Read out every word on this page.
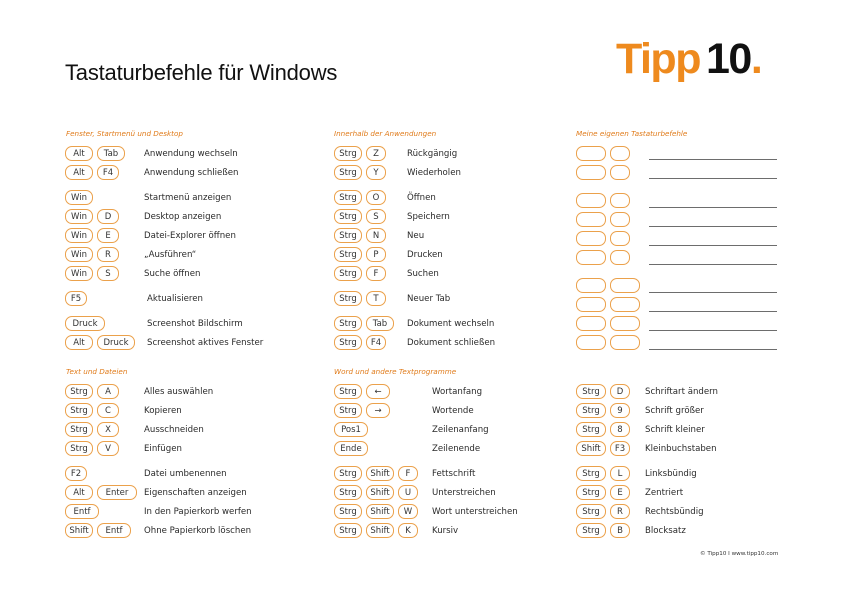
Tastaturbefehle für Windows	Tipp 10.
Fenster, Startmenü und Desktop	Innerhalb der Anwendungen	Meine eigenen Tastaturbefehle
Text und Dateien	Word und andere Textprogramme
Alt	Tab	Anwendung wechseln
Alt	F4	Anwendung schließen
Win	Startmenü anzeigen
Win	D	Desktop anzeigen
Win	E	Datei-Explorer öffnen
Win	R	„Ausführen“
Win	S	Suche öffnen
F5	Aktualisieren
Druck	Screenshot Bildschirm
Alt	Druck	Screenshot aktives Fenster
Strg	Z	Rückgängig
Strg	Y	Wiederholen
Strg	O	Öffnen
Strg	S	Speichern
Strg	N	Neu
Strg	P	Drucken
Strg	F	Suchen
Strg	T	Neuer Tab
Strg	Tab	Dokument wechseln
Strg	F4	Dokument schließen
Strg	A	Alles auswählen
Strg	C	Kopieren
Strg	X	Ausschneiden
Strg	V	Einfügen
F2	Datei umbenennen
Alt	Enter	Eigenschaften anzeigen
Entf	In den Papierkorb werfen
Shift	Entf	Ohne Papierkorb löschen
Strg	←	Wortanfang
Strg	→	Wortende
Pos1	Zeilenanfang
Ende	Zeilenende
Strg	Shift	F	Fettschrift
Strg	Shift	U	Unterstreichen
Strg	Shift	W	Wort unterstreichen
Strg	Shift	K	Kursiv
Strg	D	Schriftart ändern
Strg	9	Schrift größer
Strg	8	Schrift kleiner
Shift	F3	Kleinbuchstaben
Strg	L	Linksbündig
Strg	E	Zentriert
Strg	R	Rechtsbündig
Strg	B	Blocksatz
© Tipp10 I www.tipp10.com
